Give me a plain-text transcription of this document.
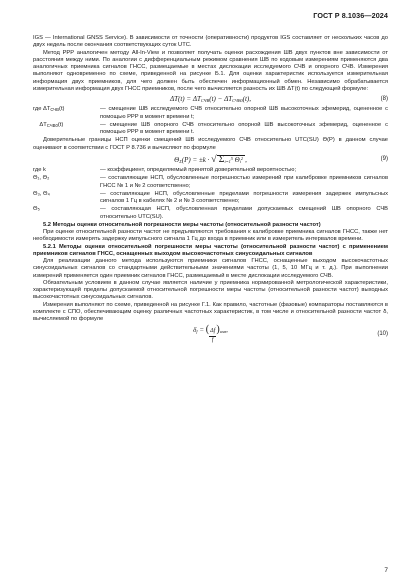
ГОСТ Р 8.1036—2024

IGS — International GNSS Service). В зависимости от точности (оперативности) продуктов IGS составляет от нескольких часов до двух недель после окончания соответствующих суток UTC.

Метод PPP аналогичен методу All-In-View и позволяет получать оценки расхождения ШВ двух пунктов вне зависимости от расстояния между ними. По аналогии с дифференциальным режимом сравнения ШВ по кодовым измерениям применяются два аналогичных приемника сигналов ГНСС, размещаемые в местах дислокации исследуемого СЧВ и опорного СЧВ. Измерения выполняют одновременно по схеме, приведенной на рисунке Б.1. Для оценки характеристик используется измерительная информация двух приемников, для чего должен быть обеспечен информационный обмен. Независимо обрабатывается измерительная информация двух ГНСС приемников, после чего вычисляется разность их ШВ ΔT(t) по следующей формуле:

$\Delta T(t) = \Delta T_{СЧВ}(t) - \Delta T_{СЧВ0}(t)$,	(8)
где $\Delta T_{СЧВ}(t)$	— смещение ШВ исследуемого СЧВ относительно опорной ШВ высокоточных эфемерид, оцененное с помощью PPP в момент времени t;
$\Delta T_{СЧВ0}(t)$	— смещение ШВ опорного СЧВ относительно опорной ШВ высокоточных эфемерид, оцененное с помощью PPP в момент времени t.

Доверительные границы НСП оценки смещений ШВ исследуемого СЧВ относительно UTC(SU) Θ(P) в данном случае оценивают в соответствии с ГОСТ Р 8.736 и вычисляют по формуле

$\Theta_\Sigma(P) = \pm k$ · √ $\Sigma_{i=1}^5$ $\Theta_i^2$ ,	(9)
где k	— коэффициент, определяемый принятой доверительной вероятностью;
Θ₁, Θ₂	— составляющие НСП, обусловленные погрешностью измерений при калибровке приемников сигналов ГНСС № 1 и № 2 соответственно;
Θ₃, Θ₄	— составляющие НСП, обусловленные пределами погрешности измерения задержек импульсных сигналов 1 Гц в кабелях № 2 и № 3 соответственно;
Θ₅	— составляющая НСП, обусловленная пределами допускаемых смещений ШВ опорного СЧВ относительно UTC(SU).

5.2 Методы оценки относительной погрешности меры частоты (относительной разности частот)

При оценке относительной разности частот не предъявляются требования к калибровке приемника сигналов ГНСС, также нет необходимости измерять задержку импульсного сигнала 1 Гц до входа в приемник или в измеритель интервалов времени.

5.2.1 Методы оценки относительной погрешности меры частоты (относительной разности частот) с применением приемников сигналов ГНСС, оснащенных выходом высокочастотных синусоидальных сигналов

Для реализации данного метода используются приемники сигналов ГНСС, оснащенные выходом высокочастотных синусоидальных сигналов со стандартными действительными значениями частоты (1, 5, 10 МГц и т. д.). При выполнении измерений применяется один приемник сигналов ГНСС, размещаемый в месте дислокации исследуемого СЧВ.

Обязательным условием в данном случае является наличие у приемника нормированной метрологической характеристики, характеризующей пределы допускаемой относительной погрешности меры частоты (относительной разности частот) выходных высокочастотных синусоидальных сигналов.

Измерения выполняют по схеме, приведенной на рисунке Г.1. Как правило, частотные (фазовые) компараторы поставляются в комплекте с СПО, обеспечивающим оценку различных частотных характеристик, в том числе и относительной разности частот δ, вычисляемой по формуле

$\delta_f$ = ( $\frac{\Delta f}{f} )_{изм}$,
(10)
7
